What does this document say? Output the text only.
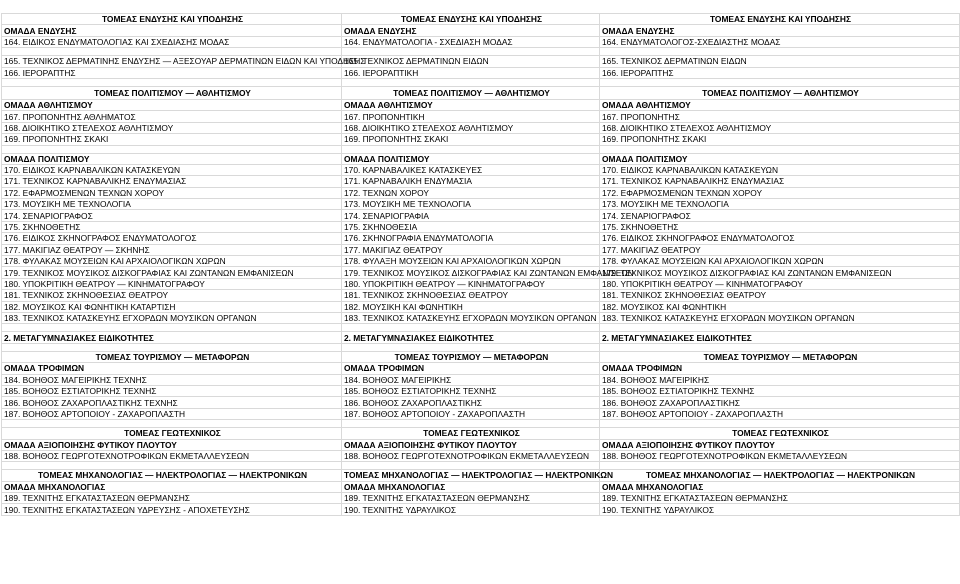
ΤΟΜΕΑΣ ΕΝΔΥΣΗΣ ΚΑΙ ΥΠΟΔΗΣΗΣ	ΤΟΜΕΑΣ ΕΝΔΥΣΗΣ ΚΑΙ ΥΠΟΔΗΣΗΣ	ΤΟΜΕΑΣ ΕΝΔΥΣΗΣ ΚΑΙ ΥΠΟΔΗΣΗΣ
ΟΜΑΔΑ ΕΝΔΥΣΗΣ	ΟΜΑΔΑ ΕΝΔΥΣΗΣ	ΟΜΑΔΑ ΕΝΔΥΣΗΣ
164. ΕΙΔΙΚΟΣ ΕΝΔΥΜΑΤΟΛΟΓΙΑΣ ΚΑΙ ΣΧΕΔΙΑΣΗΣ ΜΟΔΑΣ	164. ΕΝΔΥΜΑΤΟΛΟΓΙΑ - ΣΧΕΔΙΑΣΗ ΜΟΔΑΣ	164. ΕΝΔΥΜΑΤΟΛΟΓΟΣ-ΣΧΕΔΙΑΣΤΗΣ ΜΟΔΑΣ

165. ΤΕΧΝΙΚΟΣ ΔΕΡΜΑΤΙΝΗΣ ΕΝΔΥΣΗΣ — ΑΞΕΣΟΥΑΡ ΔΕΡΜΑΤΙΝΩΝ ΕΙΔΩΝ ΚΑΙ ΥΠΟΔΗΣΗΣ	165. ΤΕΧΝΙΚΟΣ ΔΕΡΜΑΤΙΝΩΝ ΕΙΔΩΝ	165. ΤΕΧΝΙΚΟΣ ΔΕΡΜΑΤΙΝΩΝ ΕΙΔΩΝ
166. ΙΕΡΟΡΑΠΤΗΣ	166. ΙΕΡΟΡΑΠΤΙΚΗ	166. ΙΕΡΟΡΑΠΤΗΣ

ΤΟΜΕΑΣ ΠΟΛΙΤΙΣΜΟΥ — ΑΘΛΗΤΙΣΜΟΥ	ΤΟΜΕΑΣ ΠΟΛΙΤΙΣΜΟΥ — ΑΘΛΗΤΙΣΜΟΥ	ΤΟΜΕΑΣ ΠΟΛΙΤΙΣΜΟΥ — ΑΘΛΗΤΙΣΜΟΥ
ΟΜΑΔΑ ΑΘΛΗΤΙΣΜΟΥ	ΟΜΑΔΑ ΑΘΛΗΤΙΣΜΟΥ	ΟΜΑΔΑ ΑΘΛΗΤΙΣΜΟΥ
167. ΠΡΟΠΟΝΗΤΗΣ ΑΘΛΗΜΑΤΟΣ	167. ΠΡΟΠΟΝΗΤΙΚΗ	167. ΠΡΟΠΟΝΗΤΗΣ
168. ΔΙΟΙΚΗΤΙΚΟ ΣΤΕΛΕΧΟΣ ΑΘΛΗΤΙΣΜΟΥ	168. ΔΙΟΙΚΗΤΙΚΟ ΣΤΕΛΕΧΟΣ ΑΘΛΗΤΙΣΜΟΥ	168. ΔΙΟΙΚΗΤΙΚΟ ΣΤΕΛΕΧΟΣ ΑΘΛΗΤΙΣΜΟΥ
169. ΠΡΟΠΟΝΗΤΗΣ ΣΚΑΚΙ	169. ΠΡΟΠΟΝΗΤΗΣ ΣΚΑΚΙ	169. ΠΡΟΠΟΝΗΤΗΣ ΣΚΑΚΙ

ΟΜΑΔΑ ΠΟΛΙΤΙΣΜΟΥ	ΟΜΑΔΑ ΠΟΛΙΤΙΣΜΟΥ	ΟΜΑΔΑ ΠΟΛΙΤΙΣΜΟΥ
170. ΕΙΔΙΚΟΣ ΚΑΡΝΑΒΑΛΙΚΩΝ ΚΑΤΑΣΚΕΥΩΝ	170. ΚΑΡΝΑΒΑΛΙΚΕΣ ΚΑΤΑΣΚΕΥΕΣ	170. ΕΙΔΙΚΟΣ ΚΑΡΝΑΒΑΛΙΚΩΝ ΚΑΤΑΣΚΕΥΩΝ
171. ΤΕΧΝΙΚΟΣ ΚΑΡΝΑΒΑΛΙΚΗΣ ΕΝΔΥΜΑΣΙΑΣ	171. ΚΑΡΝΑΒΑΛΙΚΗ ΕΝΔΥΜΑΣΙΑ	171. ΤΕΧΝΙΚΟΣ ΚΑΡΝΑΒΑΛΙΚΗΣ ΕΝΔΥΜΑΣΙΑΣ
172. ΕΦΑΡΜΟΣΜΕΝΩΝ ΤΕΧΝΩΝ ΧΟΡΟΥ	172. ΤΕΧΝΩΝ ΧΟΡΟΥ	172. ΕΦΑΡΜΟΣΜΕΝΩΝ ΤΕΧΝΩΝ ΧΟΡΟΥ
173. ΜΟΥΣΙΚΗ ΜΕ ΤΕΧΝΟΛΟΓΙΑ	173. ΜΟΥΣΙΚΗ ΜΕ ΤΕΧΝΟΛΟΓΙΑ	173. ΜΟΥΣΙΚΗ ΜΕ ΤΕΧΝΟΛΟΓΙΑ
174. ΣΕΝΑΡΙΟΓΡΑΦΟΣ	174. ΣΕΝΑΡΙΟΓΡΑΦΙΑ	174. ΣΕΝΑΡΙΟΓΡΑΦΟΣ
175. ΣΚΗΝΟΘΕΤΗΣ	175. ΣΚΗΝΟΘΕΣΙΑ	175. ΣΚΗΝΟΘΕΤΗΣ
176. ΕΙΔΙΚΟΣ ΣΚΗΝΟΓΡΑΦΟΣ ΕΝΔΥΜΑΤΟΛΟΓΟΣ	176. ΣΚΗΝΟΓΡΑΦΙΑ ΕΝΔΥΜΑΤΟΛΟΓΙΑ	176. ΕΙΔΙΚΟΣ ΣΚΗΝΟΓΡΑΦΟΣ ΕΝΔΥΜΑΤΟΛΟΓΟΣ
177. ΜΑΚΙΓΙΑΖ ΘΕΑΤΡΟΥ — ΣΚΗΝΗΣ	177. ΜΑΚΙΓΙΑΖ ΘΕΑΤΡΟΥ	177. ΜΑΚΙΓΙΑΖ ΘΕΑΤΡΟΥ
178. ΦΥΛΑΚΑΣ ΜΟΥΣΕΙΩΝ ΚΑΙ ΑΡΧΑΙΟΛΟΓΙΚΩΝ ΧΩΡΩΝ	178. ΦΥΛΑΞΗ ΜΟΥΣΕΙΩΝ ΚΑΙ ΑΡΧΑΙΟΛΟΓΙΚΩΝ ΧΩΡΩΝ	178. ΦΥΛΑΚΑΣ ΜΟΥΣΕΙΩΝ ΚΑΙ ΑΡΧΑΙΟΛΟΓΙΚΩΝ ΧΩΡΩΝ
179. ΤΕΧΝΙΚΟΣ ΜΟΥΣΙΚΟΣ ΔΙΣΚΟΓΡΑΦΙΑΣ ΚΑΙ ΖΩΝΤΑΝΩΝ ΕΜΦΑΝΙΣΕΩΝ	179. ΤΕΧΝΙΚΟΣ ΜΟΥΣΙΚΟΣ ΔΙΣΚΟΓΡΑΦΙΑΣ ΚΑΙ ΖΩΝΤΑΝΩΝ ΕΜΦΑΝΙΣΕΩΝ	179. ΤΕΧΝΙΚΟΣ ΜΟΥΣΙΚΟΣ ΔΙΣΚΟΓΡΑΦΙΑΣ ΚΑΙ ΖΩΝΤΑΝΩΝ ΕΜΦΑΝΙΣΕΩΝ
180. ΥΠΟΚΡΙΤΙΚΗ ΘΕΑΤΡΟΥ — ΚΙΝΗΜΑΤΟΓΡΑΦΟΥ	180. ΥΠΟΚΡΙΤΙΚΗ ΘΕΑΤΡΟΥ — ΚΙΝΗΜΑΤΟΓΡΑΦΟΥ	180. ΥΠΟΚΡΙΤΙΚΗ ΘΕΑΤΡΟΥ — ΚΙΝΗΜΑΤΟΓΡΑΦΟΥ
181. ΤΕΧΝΙΚΟΣ ΣΚΗΝΟΘΕΣΙΑΣ ΘΕΑΤΡΟΥ	181. ΤΕΧΝΙΚΟΣ ΣΚΗΝΟΘΕΣΙΑΣ ΘΕΑΤΡΟΥ	181. ΤΕΧΝΙΚΟΣ ΣΚΗΝΟΘΕΣΙΑΣ ΘΕΑΤΡΟΥ
182. ΜΟΥΣΙΚΟΣ ΚΑΙ ΦΩΝΗΤΙΚΗ ΚΑΤΑΡΤΙΣΗ	182. ΜΟΥΣΙΚΗ ΚΑΙ ΦΩΝΗΤΙΚΗ	182. ΜΟΥΣΙΚΟΣ ΚΑΙ ΦΩΝΗΤΙΚΗ
183. ΤΕΧΝΙΚΟΣ ΚΑΤΑΣΚΕΥΗΣ ΕΓΧΟΡΔΩΝ ΜΟΥΣΙΚΩΝ ΟΡΓΑΝΩΝ	183. ΤΕΧΝΙΚΟΣ ΚΑΤΑΣΚΕΥΗΣ ΕΓΧΟΡΔΩΝ ΜΟΥΣΙΚΩΝ ΟΡΓΑΝΩΝ	183. ΤΕΧΝΙΚΟΣ ΚΑΤΑΣΚΕΥΗΣ ΕΓΧΟΡΔΩΝ ΜΟΥΣΙΚΩΝ ΟΡΓΑΝΩΝ

2. ΜΕΤΑΓΥΜΝΑΣΙΑΚΕΣ ΕΙΔΙΚΟΤΗΤΕΣ	2. ΜΕΤΑΓΥΜΝΑΣΙΑΚΕΣ ΕΙΔΙΚΟΤΗΤΕΣ	2. ΜΕΤΑΓΥΜΝΑΣΙΑΚΕΣ ΕΙΔΙΚΟΤΗΤΕΣ

ΤΟΜΕΑΣ ΤΟΥΡΙΣΜΟΥ — ΜΕΤΑΦΟΡΩΝ	ΤΟΜΕΑΣ ΤΟΥΡΙΣΜΟΥ — ΜΕΤΑΦΟΡΩΝ	ΤΟΜΕΑΣ ΤΟΥΡΙΣΜΟΥ — ΜΕΤΑΦΟΡΩΝ
ΟΜΑΔΑ ΤΡΟΦΙΜΩΝ	ΟΜΑΔΑ ΤΡΟΦΙΜΩΝ	ΟΜΑΔΑ ΤΡΟΦΙΜΩΝ
184. ΒΟΗΘΟΣ ΜΑΓΕΙΡΙΚΗΣ ΤΕΧΝΗΣ	184. ΒΟΗΘΟΣ ΜΑΓΕΙΡΙΚΗΣ	184. ΒΟΗΘΟΣ ΜΑΓΕΙΡΙΚΗΣ
185. ΒΟΗΘΟΣ ΕΣΤΙΑΤΟΡΙΚΗΣ ΤΕΧΝΗΣ	185. ΒΟΗΘΟΣ ΕΣΤΙΑΤΟΡΙΚΗΣ ΤΕΧΝΗΣ	185. ΒΟΗΘΟΣ ΕΣΤΙΑΤΟΡΙΚΗΣ ΤΕΧΝΗΣ
186. ΒΟΗΘΟΣ ΖΑΧΑΡΟΠΛΑΣΤΙΚΗΣ ΤΕΧΝΗΣ	186. ΒΟΗΘΟΣ ΖΑΧΑΡΟΠΛΑΣΤΙΚΗΣ	186. ΒΟΗΘΟΣ ΖΑΧΑΡΟΠΛΑΣΤΙΚΗΣ
187. ΒΟΗΘΟΣ ΑΡΤΟΠΟΙΟΥ - ΖΑΧΑΡΟΠΛΑΣΤΗ	187. ΒΟΗΘΟΣ ΑΡΤΟΠΟΙΟΥ - ΖΑΧΑΡΟΠΛΑΣΤΗ	187. ΒΟΗΘΟΣ ΑΡΤΟΠΟΙΟΥ - ΖΑΧΑΡΟΠΛΑΣΤΗ

ΤΟΜΕΑΣ ΓΕΩΤΕΧΝΙΚΟΣ	ΤΟΜΕΑΣ ΓΕΩΤΕΧΝΙΚΟΣ	ΤΟΜΕΑΣ ΓΕΩΤΕΧΝΙΚΟΣ
ΟΜΑΔΑ ΑΞΙΟΠΟΙΗΣΗΣ ΦΥΤΙΚΟΥ ΠΛΟΥΤΟΥ	ΟΜΑΔΑ ΑΞΙΟΠΟΙΗΣΗΣ ΦΥΤΙΚΟΥ ΠΛΟΥΤΟΥ	ΟΜΑΔΑ ΑΞΙΟΠΟΙΗΣΗΣ ΦΥΤΙΚΟΥ ΠΛΟΥΤΟΥ
188. ΒΟΗΘΟΣ ΓΕΩΡΓΟΤΕΧΝΟΤΡΟΦΙΚΩΝ ΕΚΜΕΤΑΛΛΕΥΣΕΩΝ	188. ΒΟΗΘΟΣ ΓΕΩΡΓΟΤΕΧΝΟΤΡΟΦΙΚΩΝ ΕΚΜΕΤΑΛΛΕΥΣΕΩΝ	188. ΒΟΗΘΟΣ ΓΕΩΡΓΟΤΕΧΝΟΤΡΟΦΙΚΩΝ ΕΚΜΕΤΑΛΛΕΥΣΕΩΝ

ΤΟΜΕΑΣ ΜΗΧΑΝΟΛΟΓΙΑΣ — ΗΛΕΚΤΡΟΛΟΓΙΑΣ — ΗΛΕΚΤΡΟΝΙΚΩΝ	ΤΟΜΕΑΣ ΜΗΧΑΝΟΛΟΓΙΑΣ — ΗΛΕΚΤΡΟΛΟΓΙΑΣ — ΗΛΕΚΤΡΟΝΙΚΩΝ	ΤΟΜΕΑΣ ΜΗΧΑΝΟΛΟΓΙΑΣ — ΗΛΕΚΤΡΟΛΟΓΙΑΣ — ΗΛΕΚΤΡΟΝΙΚΩΝ
ΟΜΑΔΑ ΜΗΧΑΝΟΛΟΓΙΑΣ	ΟΜΑΔΑ ΜΗΧΑΝΟΛΟΓΙΑΣ	ΟΜΑΔΑ ΜΗΧΑΝΟΛΟΓΙΑΣ
189. ΤΕΧΝΙΤΗΣ ΕΓΚΑΤΑΣΤΑΣΕΩΝ ΘΕΡΜΑΝΣΗΣ	189. ΤΕΧΝΙΤΗΣ ΕΓΚΑΤΑΣΤΑΣΕΩΝ ΘΕΡΜΑΝΣΗΣ	189. ΤΕΧΝΙΤΗΣ ΕΓΚΑΤΑΣΤΑΣΕΩΝ ΘΕΡΜΑΝΣΗΣ
190. ΤΕΧΝΙΤΗΣ ΕΓΚΑΤΑΣΤΑΣΕΩΝ ΥΔΡΕΥΣΗΣ - ΑΠΟΧΕΤΕΥΣΗΣ	190. ΤΕΧΝΙΤΗΣ ΥΔΡΑΥΛΙΚΟΣ	190. ΤΕΧΝΙΤΗΣ ΥΔΡΑΥΛΙΚΟΣ
